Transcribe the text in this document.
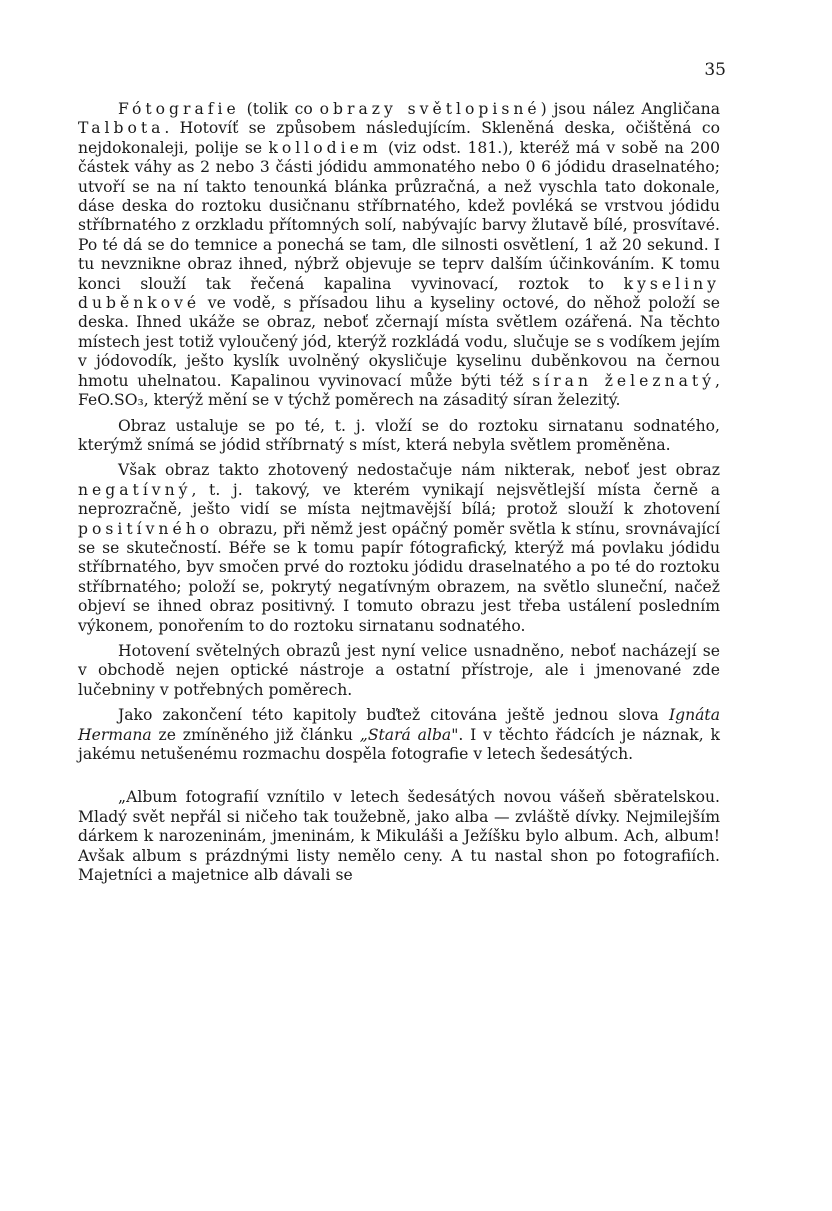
35

Fótografie (tolik co obrazy světlopisné) jsou nález Angličana Talbota. Hotovíť se způsobem následujícím. Skleněná deska, očištěná co nejdokonaleji, polije se kollodiem (viz odst. 181.), kteréž má v sobě na 200 částek váhy as 2 nebo 3 části jódidu ammonatého nebo 0 6 jódidu draselnatého; utvoří se na ní takto tenounká blánka průzračná, a než vyschla tato dokonale, dáse deska do roztoku dusičnanu stříbrnatého, kdež povléká se vrstvou jódidu stříbrnatého z orzkladu přítomných solí, nabývajíc barvy žlutavě bílé, prosvítavé. Po té dá se do temnice a ponechá se tam, dle silnosti osvětlení, 1 až 20 sekund. I tu nevznikne obraz ihned, nýbrž objevuje se teprv dalším účinkováním. K tomu konci slouží tak řečená kapalina vyvinovací, roztok to kyseliny duběnkové ve vodě, s přísadou lihu a kyseliny octové, do něhož položí se deska. Ihned ukáže se obraz, neboť zčernají místa světlem ozářená. Na těchto místech jest totiž vyloučený jód, kterýž rozkládá vodu, slučuje se s vodíkem jejím v jódovodík, ješto kyslík uvolněný okysličuje kyselinu duběnkovou na černou hmotu uhelnatou. Kapalinou vyvinovací může býti též síran železnatý, FeO.SO₃, kterýž mění se v týchž poměrech na zásaditý síran železitý.

Obraz ustaluje se po té, t. j. vloží se do roztoku sirnatanu sodnatého, kterýmž snímá se jódid stříbrnatý s míst, která nebyla světlem proměněna.

Však obraz takto zhotovený nedostačuje nám nikterak, neboť jest obraz negatívný, t. j. takový, ve kterém vynikají nejsvětlejší místa černě a neprozračně, ješto vidí se místa nejtmavější bílá; protož slouží k zhotovení positívného obrazu, při němž jest opáčný poměr světla k stínu, srovnávající se se skutečností. Béře se k tomu papír fótografický, kterýž má povlaku jódidu stříbrnatého, byv smočen prvé do roztoku jódidu draselnatého a po té do roztoku stříbrnatého; položí se, pokrytý negatívným obrazem, na světlo sluneční, načež objeví se ihned obraz positivný. I tomuto obrazu jest třeba ustálení posledním výkonem, ponořením to do roztoku sirnatanu sodnatého.

Hotovení světelných obrazů jest nyní velice usnadněno, neboť nacházejí se v obchodě nejen optické nástroje a ostatní přístroje, ale i jmenované zde lučebniny v potřebných poměrech.

Jako zakončení této kapitoly buďtež citována ještě jednou slova Ignáta Hermana ze zmíněného již článku „Stará alba". I v těchto řádcích je náznak, k jakému netušenému rozmachu dospěla fotografie v letech šedesátých.

„Album fotografií vznítilo v letech šedesátých novou vášeň sběratelskou. Mladý svět nepřál si ničeho tak toužebně, jako alba — zvláště dívky. Nejmilejším dárkem k narozeninám, jmeninám, k Mikuláši a Ježíšku bylo album. Ach, album! Avšak album s prázdnými listy nemělo ceny. A tu nastal shon po fotografiích. Majetníci a majetnice alb dávali se
